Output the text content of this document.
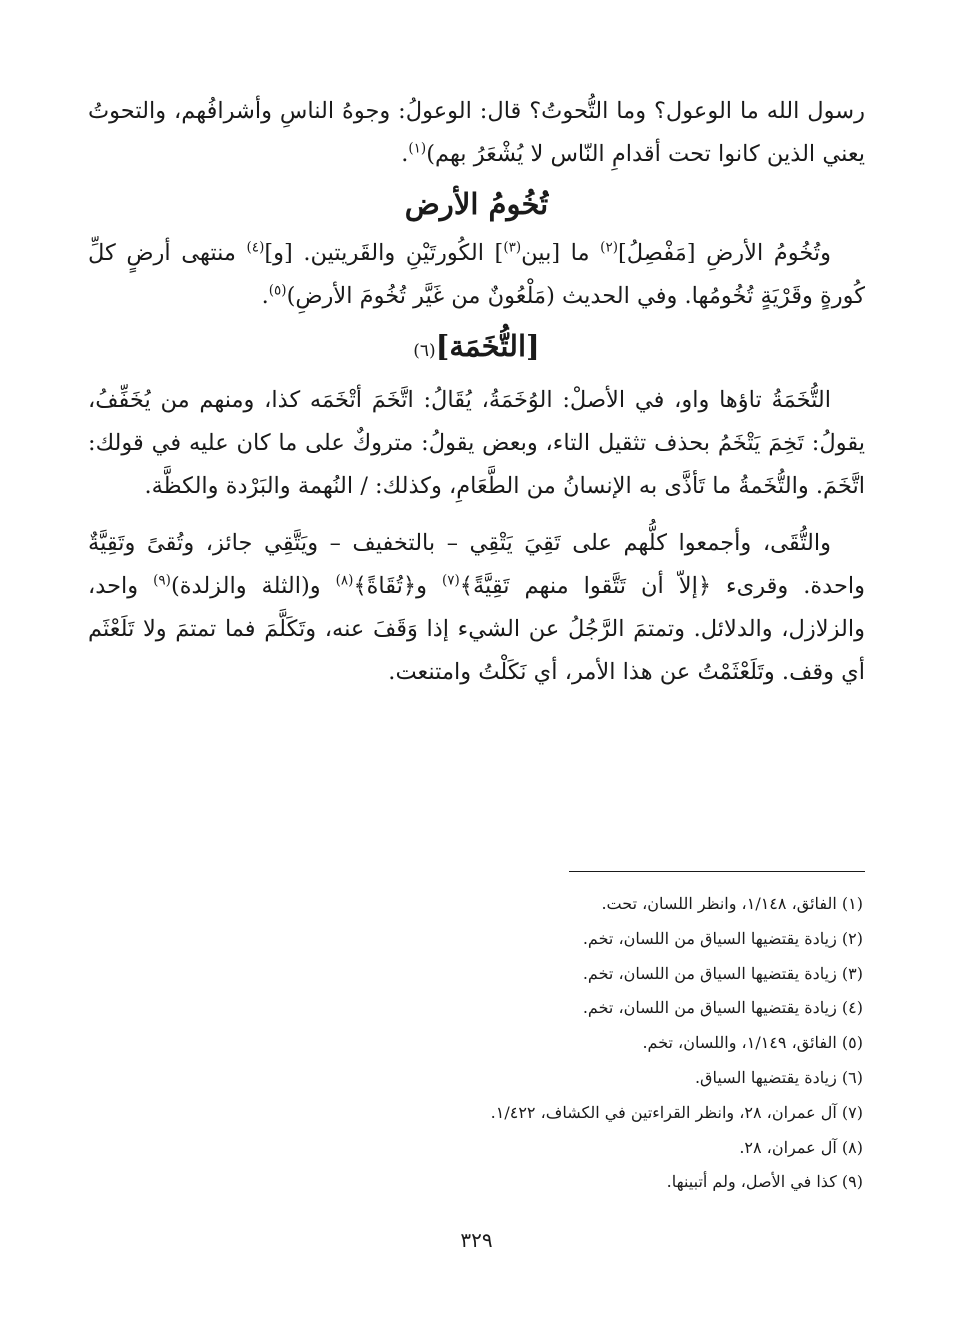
رسول الله ما الوعول؟ وما التُّحوتُ؟ قال: الوعولُ: وجوهُ الناسِ وأشرافُهم، والتحوتُ يعني الذين كانوا تحت أقدامِ النّاس لا يُشْعَرُ بهم)$^{(١)}$.

تُخُومُ الأرض

وتُخُومُ الأرضِ [مَفْصِلُ]$^{(٢)}$ ما [بين$^{(٣)}$] الكُورتَيْنِ والقَريتين. [و]$^{(٤)}$ منتهى أرضٍ كلِّ كُورةٍ وقَرْيَةٍ تُخُومُها. وفي الحديث (مَلْعُونٌ من غَيَّر تُخُومَ الأرضِ)$^{(٥)}$.

[التُّخَمَة](٦)

التُّخَمَةُ تاؤها واو، في الأصلْ: الوُخَمَةُ، يُقَالُ: اتَّخَمَ أتْخَمَه كذا، ومنهم من يُخَفِّفُ، يقولُ: تَخِمَ يَتْخَمُ بحذف تثقيل التاء، وبعض يقولُ: متروكٌ على ما كان عليه في قولك: اتَّخَمَ. والتُّخَمةُ ما تَأذَّى به الإنسانُ من الطَّعَامِ، وكذلك: / النُهمة والبَرْدة والكظَّة.

والتُّقَى، وأجمعوا كلُّهم على تَقِيَ يَتْقِي – بالتخفيف – ويَتَّقِي جائز، وتُقىً وتَقِيَّةٌ واحدة. وقرىء ﴿إلاّ أن تَتَّقوا منهم تَقِيَّةً﴾$^{(٧)}$ و﴿تُقَاةً﴾$^{(٨)}$ و(الثلة والزلدة)$^{(٩)}$ واحد، والزلازل، والدلائل. وتمتمَ الرَّجُلُ عن الشيء إذا وَقَفَ عنه، وتَكَلَّمَ فما تمتمَ ولا تَلَعْثَم أي وقف. وتَلَعْثَمْتُ عن هذا الأمر، أي نَكَلْتُ وامتنعت.

(١) الفائق، ١/١٤٨، وانظر اللسان، تحت.
(٢) زيادة يقتضيها السياق من اللسان، تخم.
(٣) زيادة يقتضيها السياق من اللسان، تخم.
(٤) زيادة يقتضيها السياق من اللسان، تخم.
(٥) الفائق، ١/١٤٩، واللسان، تخم.
(٦) زيادة يقتضيها السياق.
(٧) آل عمران، ٢٨، وانظر القراءتين في الكشاف، ١/٤٢٢.
(٨) آل عمران، ٢٨.
(٩) كذا في الأصل، ولم أتبينها.
٣٢٩
